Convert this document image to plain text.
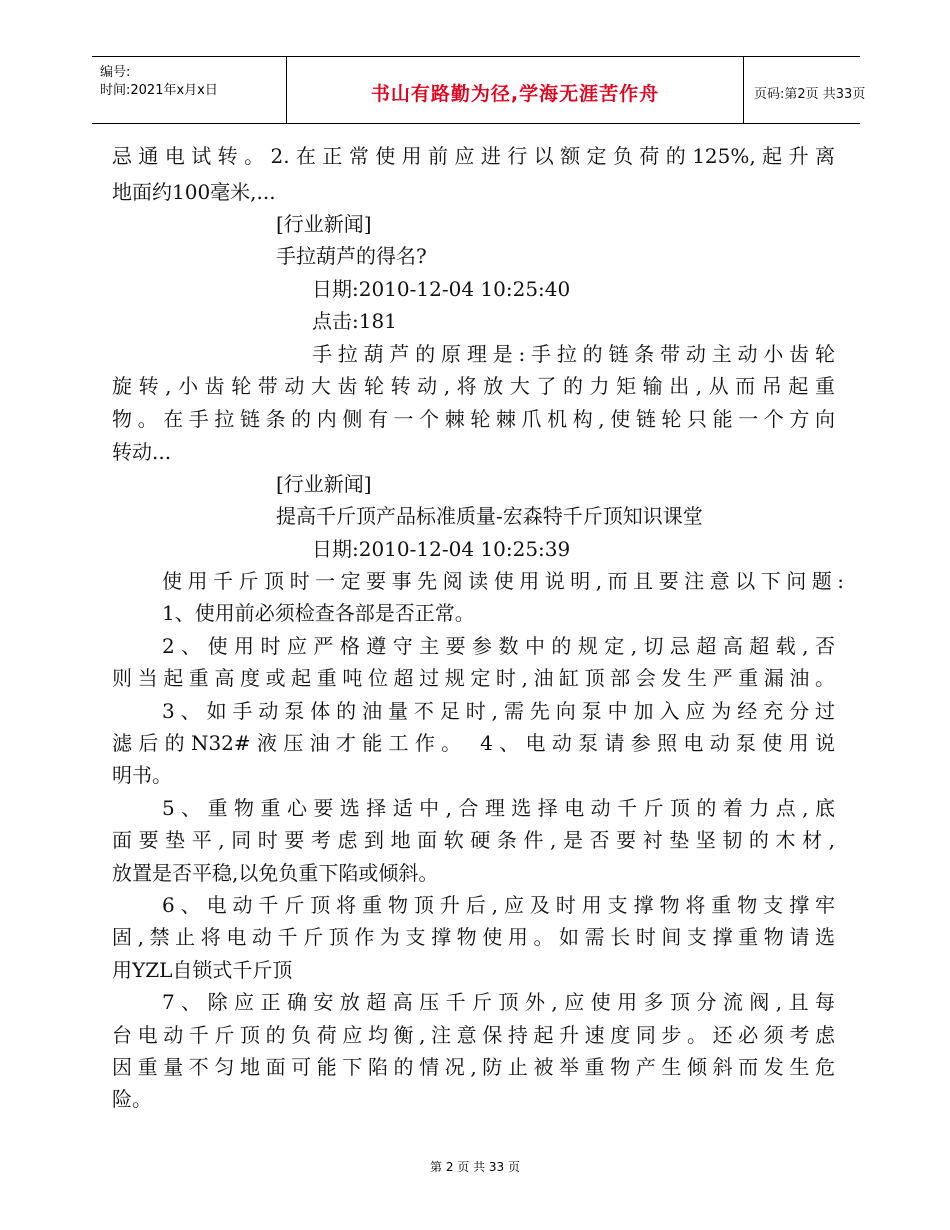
编号:
时间:2021年x月x日	书山有路勤为径,学海无涯苦作舟	页码:第2页 共33页
忌通电试转。2.在正常使用前应进行以额定负荷的125%,起升离
地面约100毫米,...
[行业新闻]
手拉葫芦的得名?
日期:2010-12-04 10:25:40
点击:181
手拉葫芦的原理是:手拉的链条带动主动小齿轮
旋转,小齿轮带动大齿轮转动,将放大了的力矩输出,从而吊起重
物。在手拉链条的内侧有一个棘轮棘爪机构,使链轮只能一个方向
转动...
[行业新闻]
提高千斤顶产品标准质量-宏森特千斤顶知识课堂
日期:2010-12-04 10:25:39
使用千斤顶时一定要事先阅读使用说明,而且要注意以下问题:
1、使用前必须检查各部是否正常。
2、使用时应严格遵守主要参数中的规定,切忌超高超载,否
则当起重高度或起重吨位超过规定时,油缸顶部会发生严重漏油。
3、如手动泵体的油量不足时,需先向泵中加入应为经充分过
滤后的N32#液压油才能工作。 4、电动泵请参照电动泵使用说
明书。
5、重物重心要选择适中,合理选择电动千斤顶的着力点,底
面要垫平,同时要考虑到地面软硬条件,是否要衬垫坚韧的木材,
放置是否平稳,以免负重下陷或倾斜。
6、电动千斤顶将重物顶升后,应及时用支撑物将重物支撑牢
固,禁止将电动千斤顶作为支撑物使用。如需长时间支撑重物请选
用YZL自锁式千斤顶
7、除应正确安放超高压千斤顶外,应使用多顶分流阀,且每
台电动千斤顶的负荷应均衡,注意保持起升速度同步。还必须考虑
因重量不匀地面可能下陷的情况,防止被举重物产生倾斜而发生危
险。
第 2 页 共 33 页
